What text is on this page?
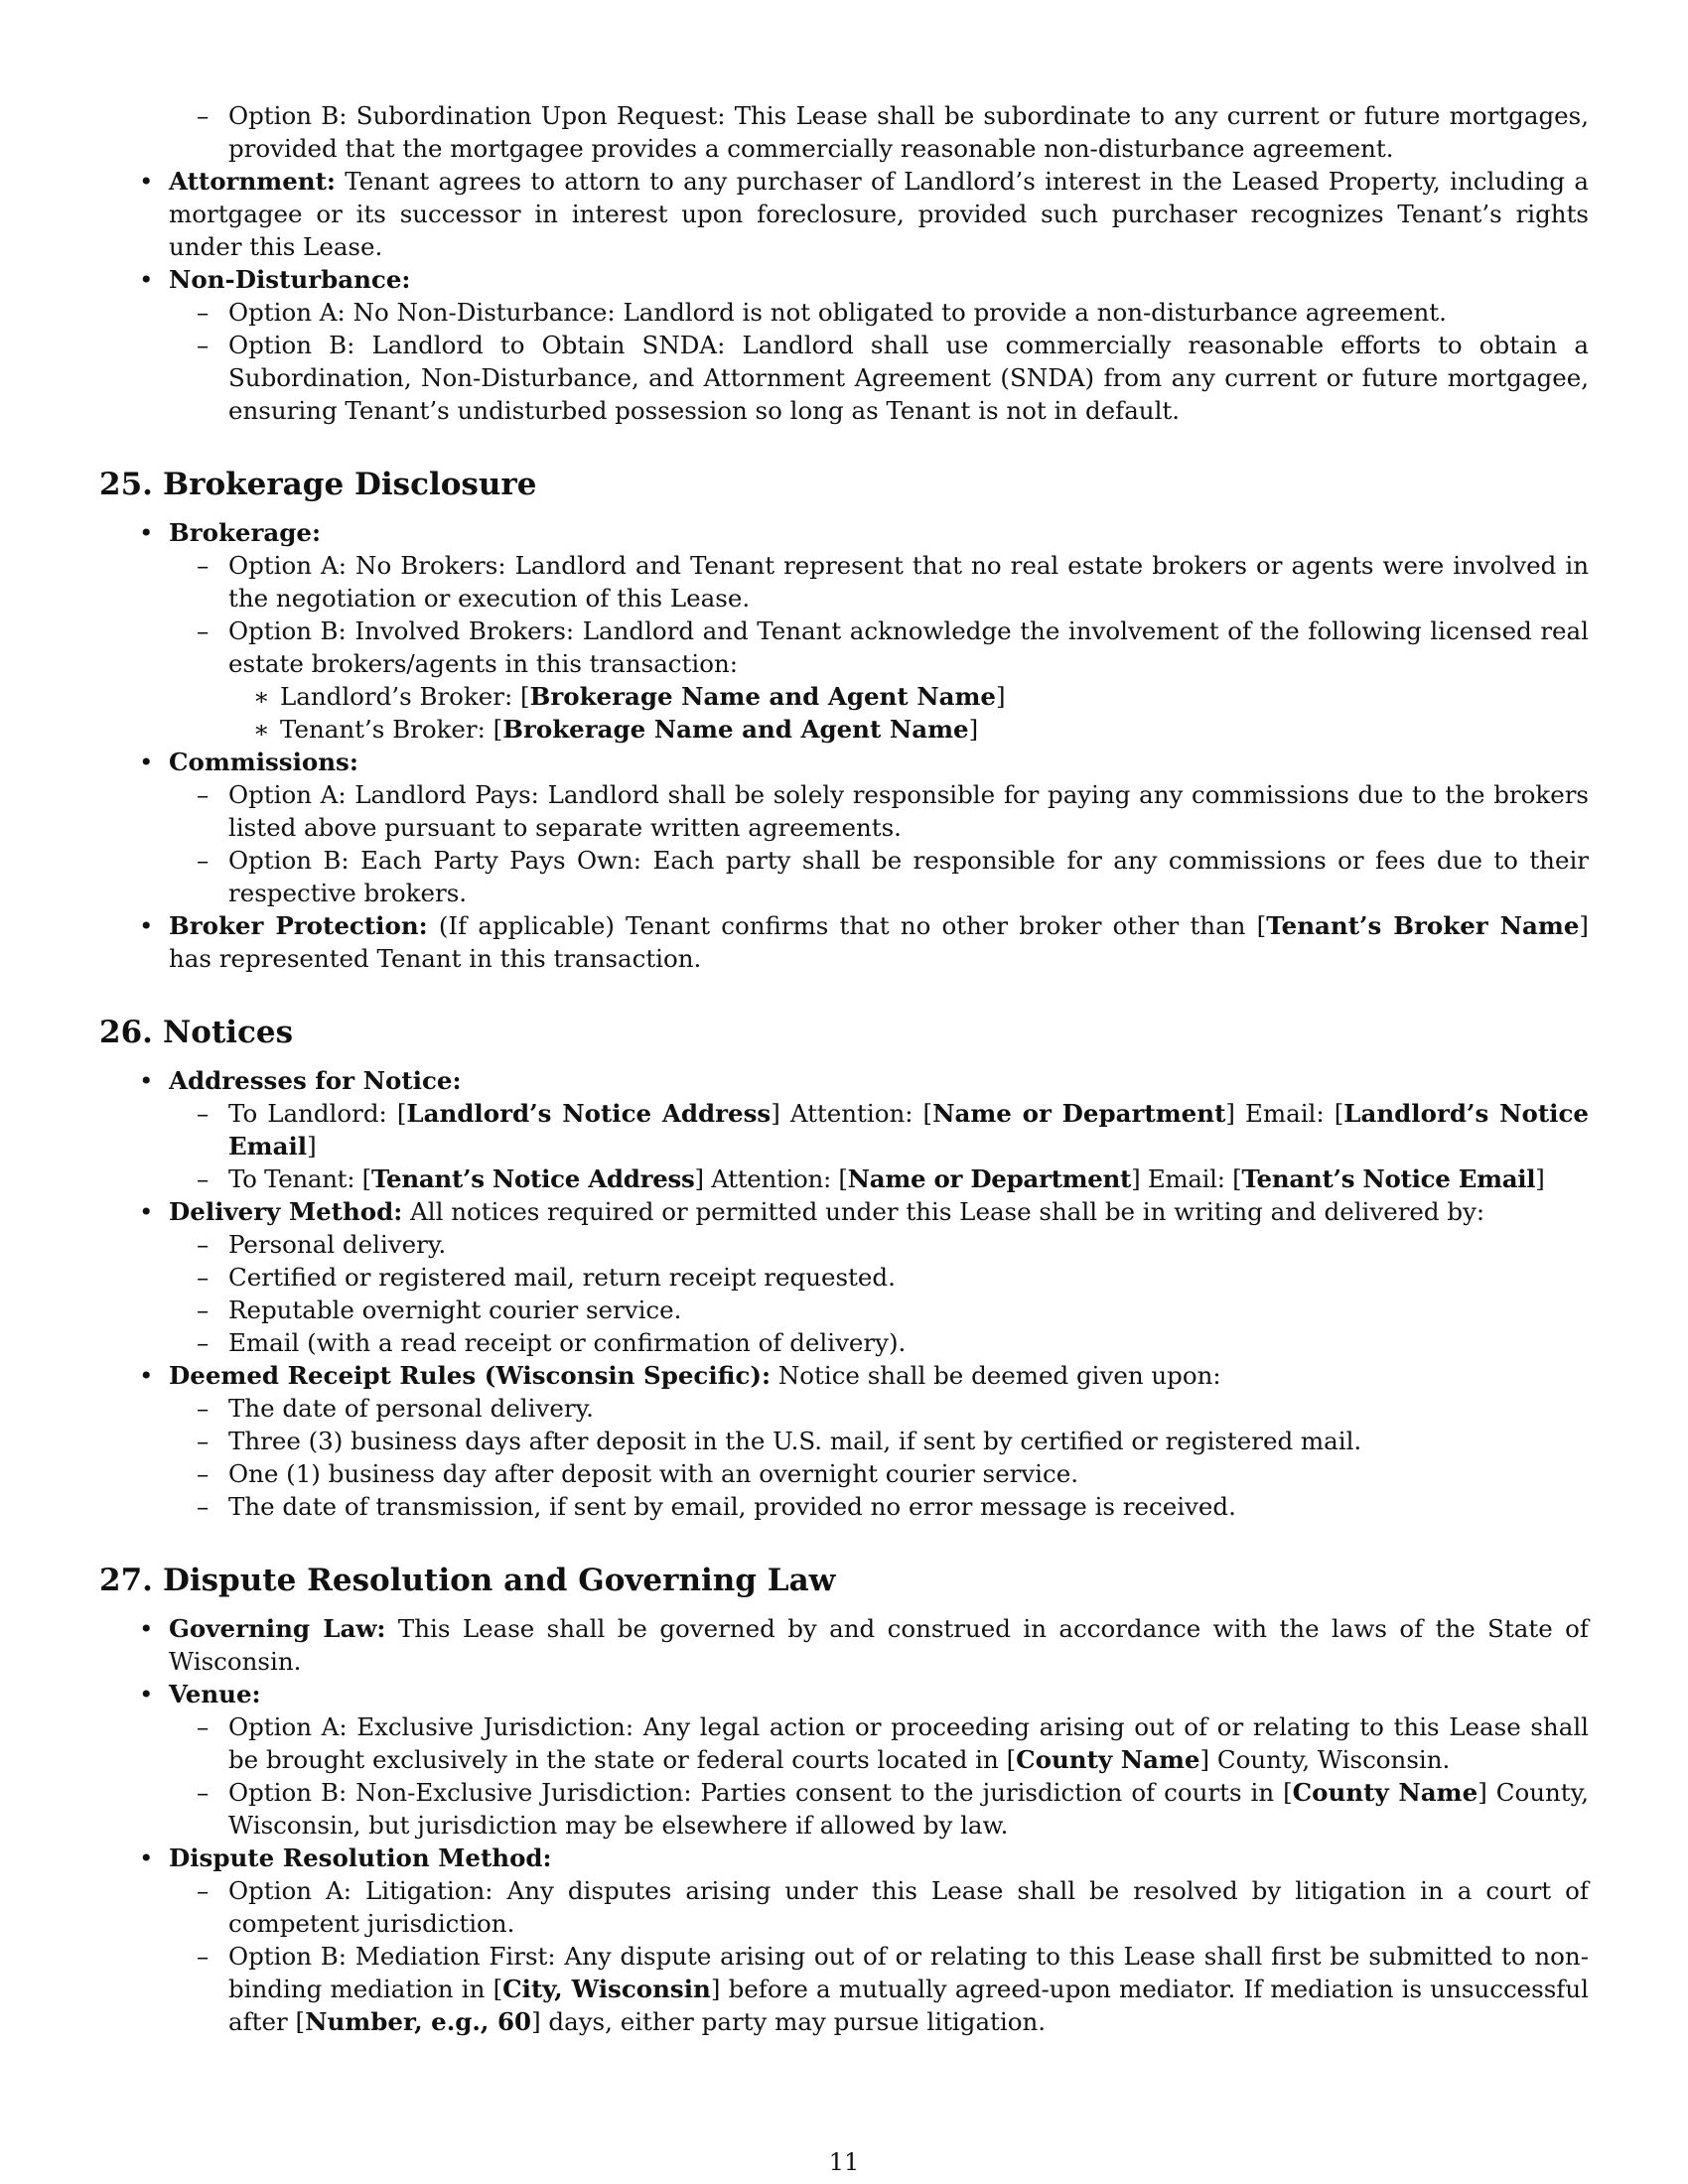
– Option B: Subordination Upon Request: This Lease shall be subordinate to any current or future mortgages, provided that the mortgagee provides a commercially reasonable non-disturbance agreement.
• Attornment: Tenant agrees to attorn to any purchaser of Landlord’s interest in the Leased Property, including a mortgagee or its successor in interest upon foreclosure, provided such purchaser recognizes Tenant’s rights under this Lease.
• Non-Disturbance:
– Option A: No Non-Disturbance: Landlord is not obligated to provide a non-disturbance agreement.
– Option B: Landlord to Obtain SNDA: Landlord shall use commercially reasonable efforts to obtain a Subordination, Non-Disturbance, and Attornment Agreement (SNDA) from any current or future mortgagee, ensuring Tenant’s undisturbed possession so long as Tenant is not in default.
25. Brokerage Disclosure
• Brokerage:
– Option A: No Brokers: Landlord and Tenant represent that no real estate brokers or agents were involved in the negotiation or execution of this Lease.
– Option B: Involved Brokers: Landlord and Tenant acknowledge the involvement of the following licensed real estate brokers/agents in this transaction:
∗ Landlord’s Broker: [Brokerage Name and Agent Name]
∗ Tenant’s Broker: [Brokerage Name and Agent Name]
• Commissions:
– Option A: Landlord Pays: Landlord shall be solely responsible for paying any commissions due to the brokers listed above pursuant to separate written agreements.
– Option B: Each Party Pays Own: Each party shall be responsible for any commissions or fees due to their respective brokers.
• Broker Protection: (If applicable) Tenant confirms that no other broker other than [Tenant’s Broker Name] has represented Tenant in this transaction.
26. Notices
• Addresses for Notice:
– To Landlord: [Landlord’s Notice Address] Attention: [Name or Department] Email: [Landlord’s Notice Email]
– To Tenant: [Tenant’s Notice Address] Attention: [Name or Department] Email: [Tenant’s Notice Email]
• Delivery Method: All notices required or permitted under this Lease shall be in writing and delivered by:
– Personal delivery.
– Certified or registered mail, return receipt requested.
– Reputable overnight courier service.
– Email (with a read receipt or confirmation of delivery).
• Deemed Receipt Rules (Wisconsin Specific): Notice shall be deemed given upon:
– The date of personal delivery.
– Three (3) business days after deposit in the U.S. mail, if sent by certified or registered mail.
– One (1) business day after deposit with an overnight courier service.
– The date of transmission, if sent by email, provided no error message is received.
27. Dispute Resolution and Governing Law
• Governing Law: This Lease shall be governed by and construed in accordance with the laws of the State of Wisconsin.
• Venue:
– Option A: Exclusive Jurisdiction: Any legal action or proceeding arising out of or relating to this Lease shall be brought exclusively in the state or federal courts located in [County Name] County, Wisconsin.
– Option B: Non-Exclusive Jurisdiction: Parties consent to the jurisdiction of courts in [County Name] County, Wisconsin, but jurisdiction may be elsewhere if allowed by law.
• Dispute Resolution Method:
– Option A: Litigation: Any disputes arising under this Lease shall be resolved by litigation in a court of competent jurisdiction.
– Option B: Mediation First: Any dispute arising out of or relating to this Lease shall first be submitted to non-binding mediation in [City, Wisconsin] before a mutually agreed-upon mediator. If mediation is unsuccessful after [Number, e.g., 60] days, either party may pursue litigation.
11
